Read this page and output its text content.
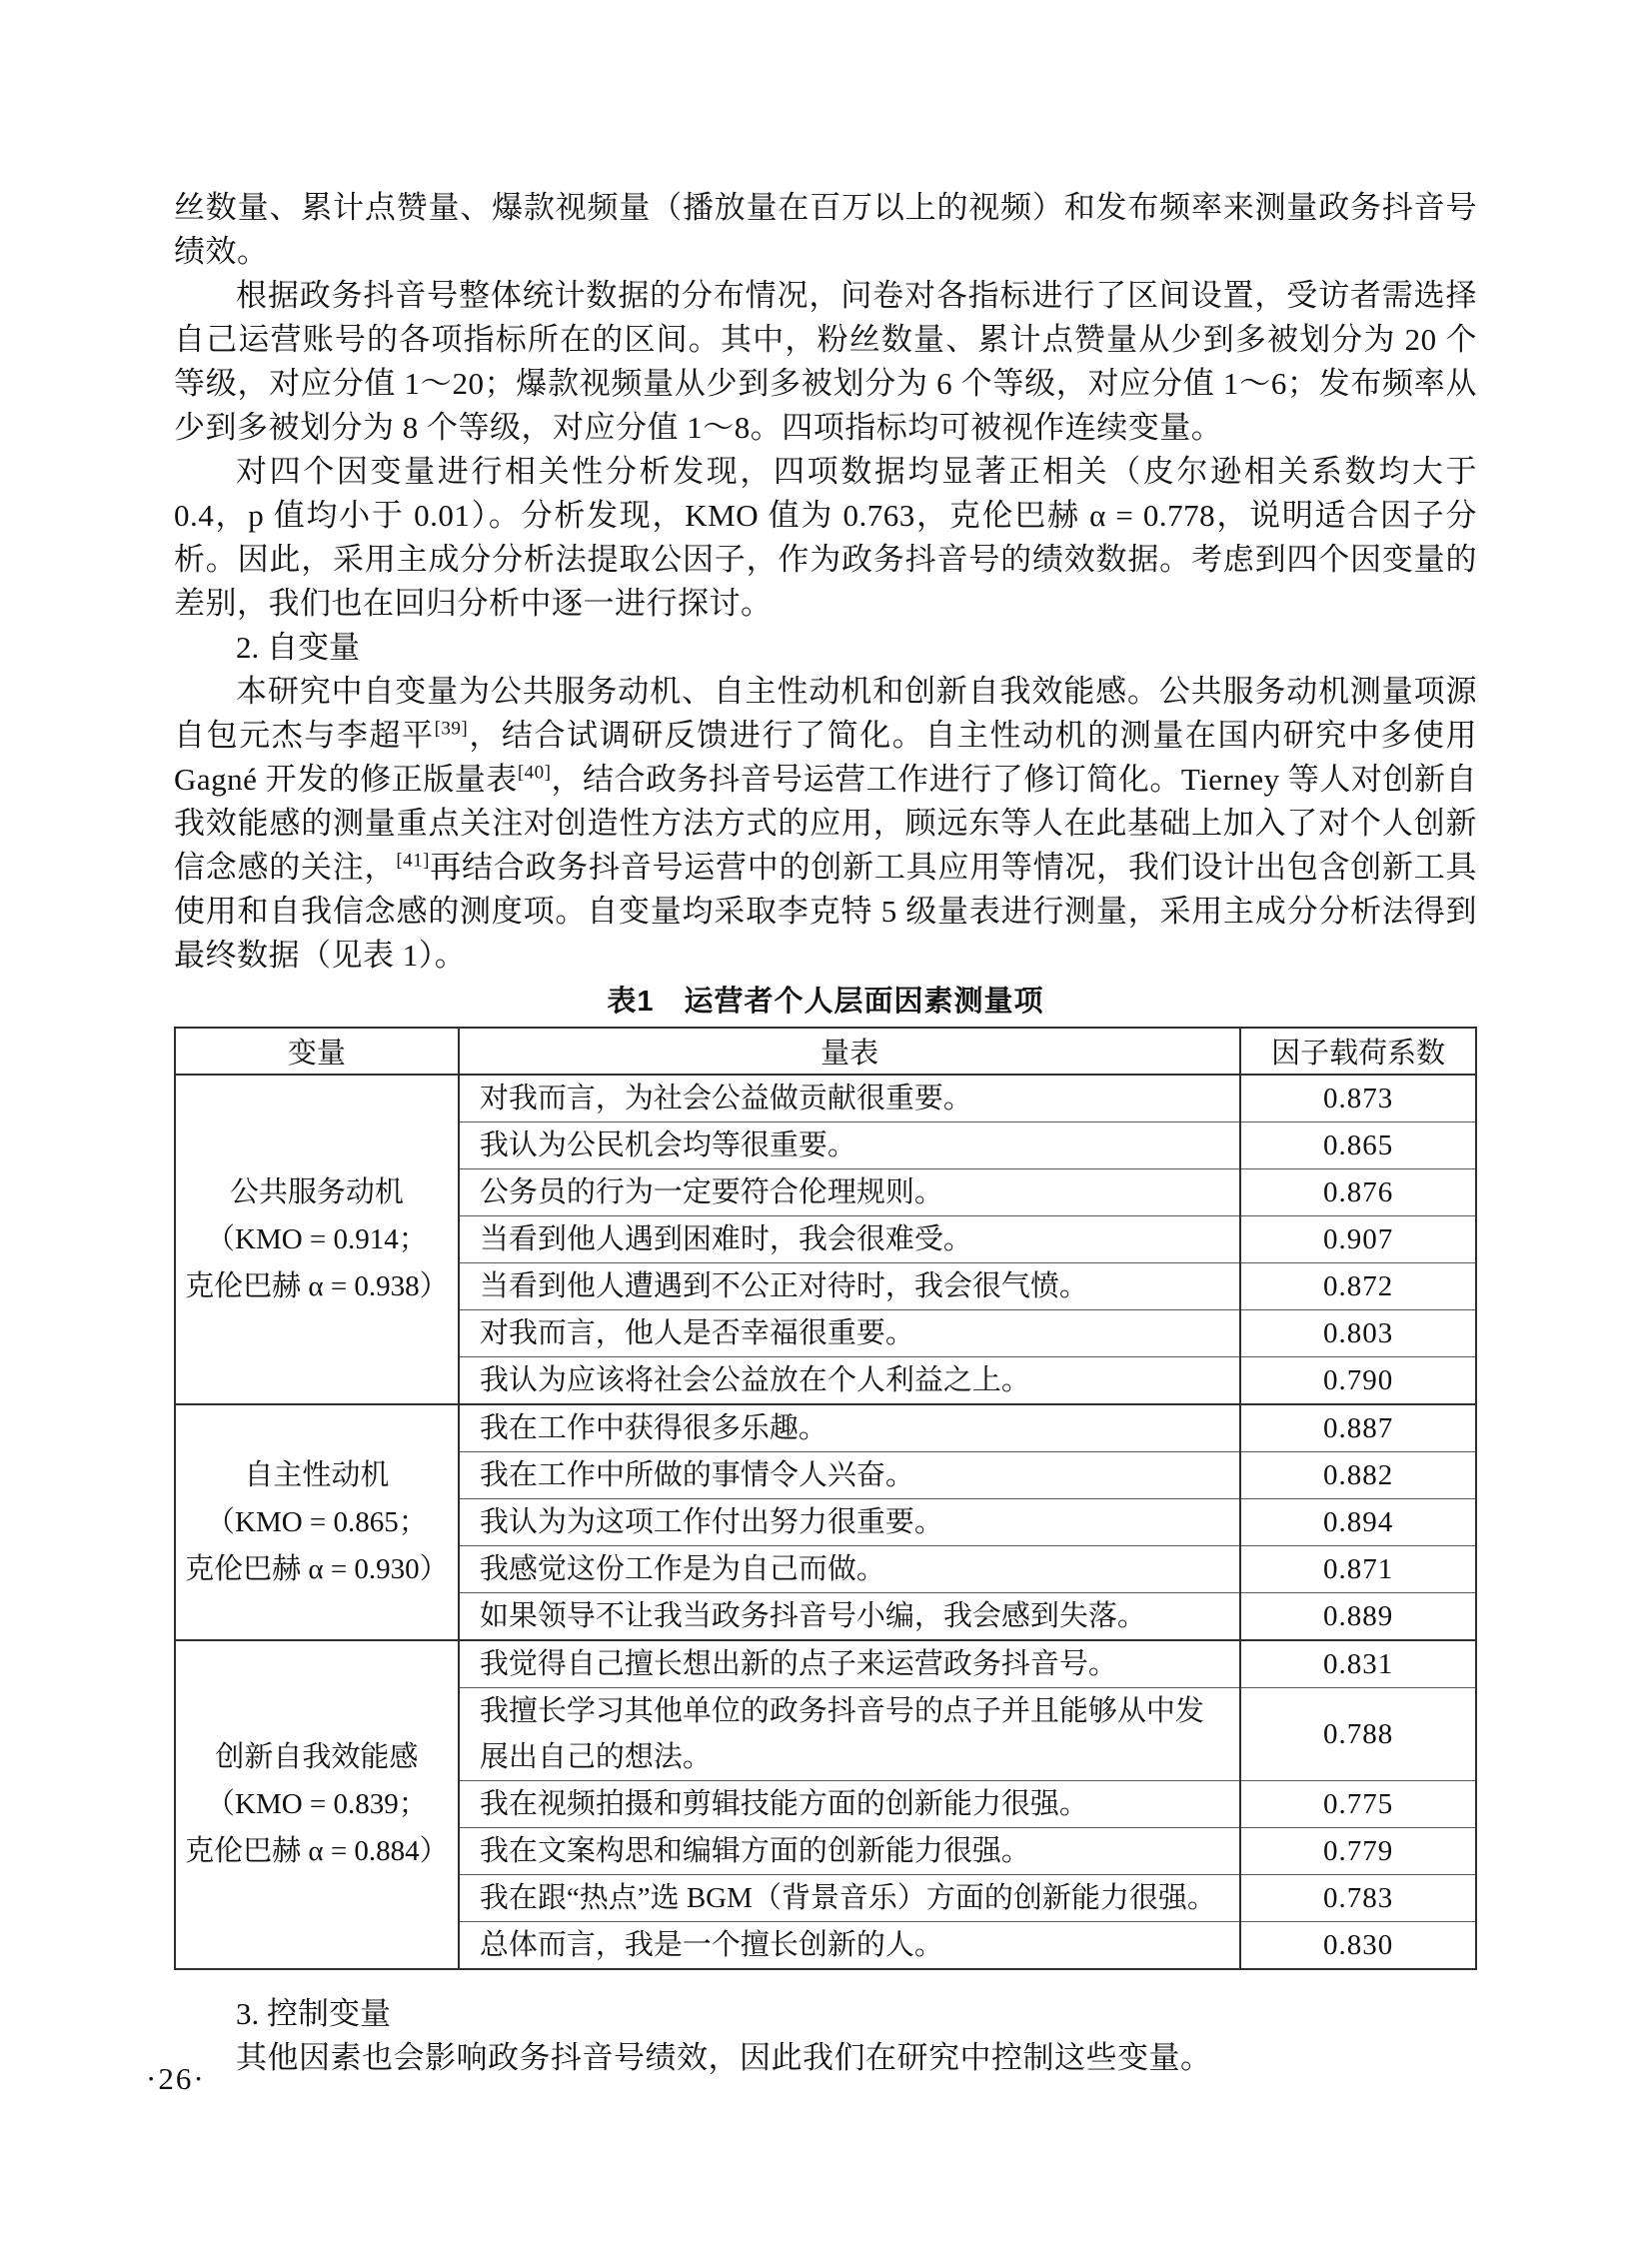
丝数量、累计点赞量、爆款视频量（播放量在百万以上的视频）和发布频率来测量政务抖音号绩效。

根据政务抖音号整体统计数据的分布情况，问卷对各指标进行了区间设置，受访者需选择自己运营账号的各项指标所在的区间。其中，粉丝数量、累计点赞量从少到多被划分为 20 个等级，对应分值 1～20；爆款视频量从少到多被划分为 6 个等级，对应分值 1～6；发布频率从少到多被划分为 8 个等级，对应分值 1～8。四项指标均可被视作连续变量。

对四个因变量进行相关性分析发现，四项数据均显著正相关（皮尔逊相关系数均大于 0.4，p 值均小于 0.01）。分析发现，KMO 值为 0.763，克伦巴赫 α = 0.778，说明适合因子分析。因此，采用主成分分析法提取公因子，作为政务抖音号的绩效数据。考虑到四个因变量的差别，我们也在回归分析中逐一进行探讨。

2. 自变量

本研究中自变量为公共服务动机、自主性动机和创新自我效能感。公共服务动机测量项源自包元杰与李超平[39]，结合试调研反馈进行了简化。自主性动机的测量在国内研究中多使用 Gagné 开发的修正版量表[40]，结合政务抖音号运营工作进行了修订简化。Tierney 等人对创新自我效能感的测量重点关注对创造性方法方式的应用，顾远东等人在此基础上加入了对个人创新信念感的关注，[41]再结合政务抖音号运营中的创新工具应用等情况，我们设计出包含创新工具使用和自我信念感的测度项。自变量均采取李克特 5 级量表进行测量，采用主成分分析法得到最终数据（见表 1）。

表1　运营者个人层面因素测量项
变量	量表	因子载荷系数

公共服务动机
（KMO = 0.914；
克伦巴赫 α = 0.938）	对我而言，为社会公益做贡献很重要。	0.873
	我认为公民机会均等很重要。	0.865
	公务员的行为一定要符合伦理规则。	0.876
	当看到他人遇到困难时，我会很难受。	0.907
	当看到他人遭遇到不公正对待时，我会很气愤。	0.872
	对我而言，他人是否幸福很重要。	0.803
	我认为应该将社会公益放在个人利益之上。	0.790

自主性动机
（KMO = 0.865；
克伦巴赫 α = 0.930）	我在工作中获得很多乐趣。	0.887
	我在工作中所做的事情令人兴奋。	0.882
	我认为为这项工作付出努力很重要。	0.894
	我感觉这份工作是为自己而做。	0.871
	如果领导不让我当政务抖音号小编，我会感到失落。	0.889

创新自我效能感
（KMO = 0.839；
克伦巴赫 α = 0.884）	我觉得自己擅长想出新的点子来运营政务抖音号。	0.831
	我擅长学习其他单位的政务抖音号的点子并且能够从中发展出自己的想法。	0.788
	我在视频拍摄和剪辑技能方面的创新能力很强。	0.775
	我在文案构思和编辑方面的创新能力很强。	0.779
	我在跟“热点”选 BGM（背景音乐）方面的创新能力很强。	0.783
	总体而言，我是一个擅长创新的人。	0.830

3. 控制变量

其他因素也会影响政务抖音号绩效，因此我们在研究中控制这些变量。

·26·
